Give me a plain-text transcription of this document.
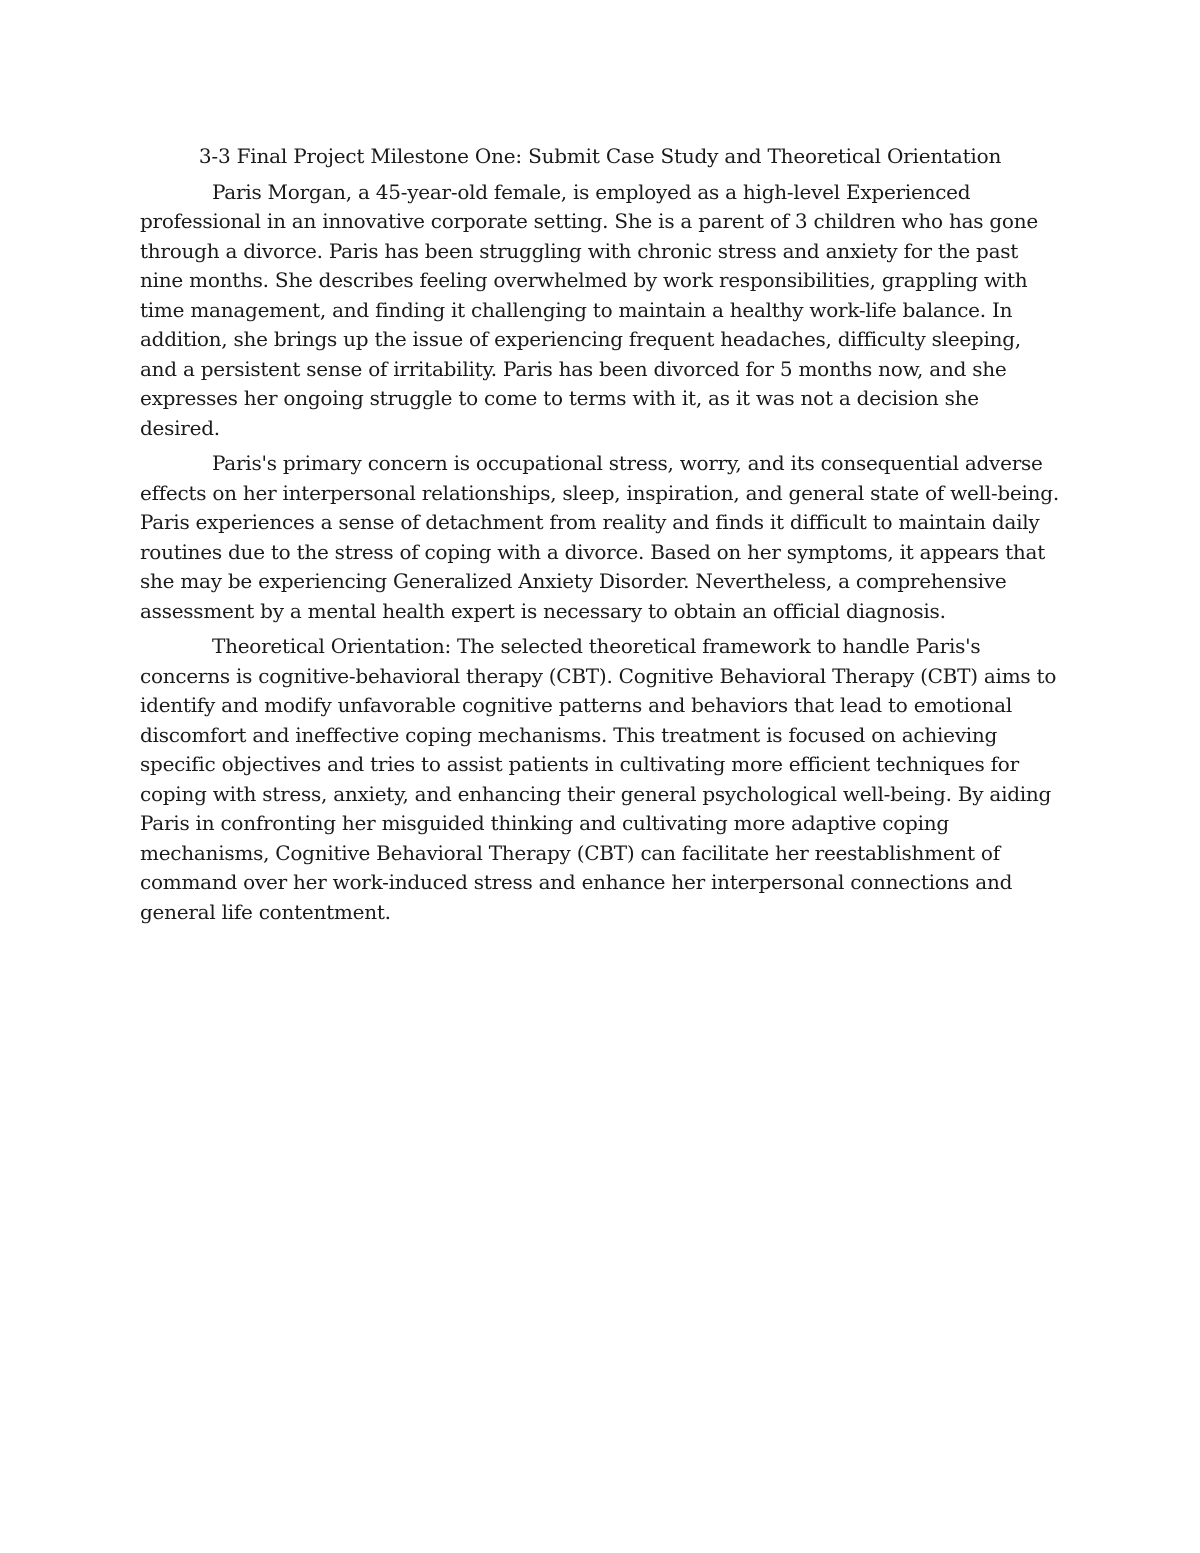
3-3 Final Project Milestone One: Submit Case Study and Theoretical Orientation

Paris Morgan, a 45-year-old female, is employed as a high-level Experienced professional in an innovative corporate setting. She is a parent of 3 children who has gone through a divorce. Paris has been struggling with chronic stress and anxiety for the past nine months. She describes feeling overwhelmed by work responsibilities, grappling with time management, and finding it challenging to maintain a healthy work-life balance. In addition, she brings up the issue of experiencing frequent headaches, difficulty sleeping, and a persistent sense of irritability. Paris has been divorced for 5 months now, and she expresses her ongoing struggle to come to terms with it, as it was not a decision she desired.

Paris's primary concern is occupational stress, worry, and its consequential adverse effects on her interpersonal relationships, sleep, inspiration, and general state of well-being. Paris experiences a sense of detachment from reality and finds it difficult to maintain daily routines due to the stress of coping with a divorce. Based on her symptoms, it appears that she may be experiencing Generalized Anxiety Disorder. Nevertheless, a comprehensive assessment by a mental health expert is necessary to obtain an official diagnosis.

Theoretical Orientation: The selected theoretical framework to handle Paris's concerns is cognitive-behavioral therapy (CBT). Cognitive Behavioral Therapy (CBT) aims to identify and modify unfavorable cognitive patterns and behaviors that lead to emotional discomfort and ineffective coping mechanisms. This treatment is focused on achieving specific objectives and tries to assist patients in cultivating more efficient techniques for coping with stress, anxiety, and enhancing their general psychological well-being. By aiding Paris in confronting her misguided thinking and cultivating more adaptive coping mechanisms, Cognitive Behavioral Therapy (CBT) can facilitate her reestablishment of command over her work-induced stress and enhance her interpersonal connections and general life contentment.
